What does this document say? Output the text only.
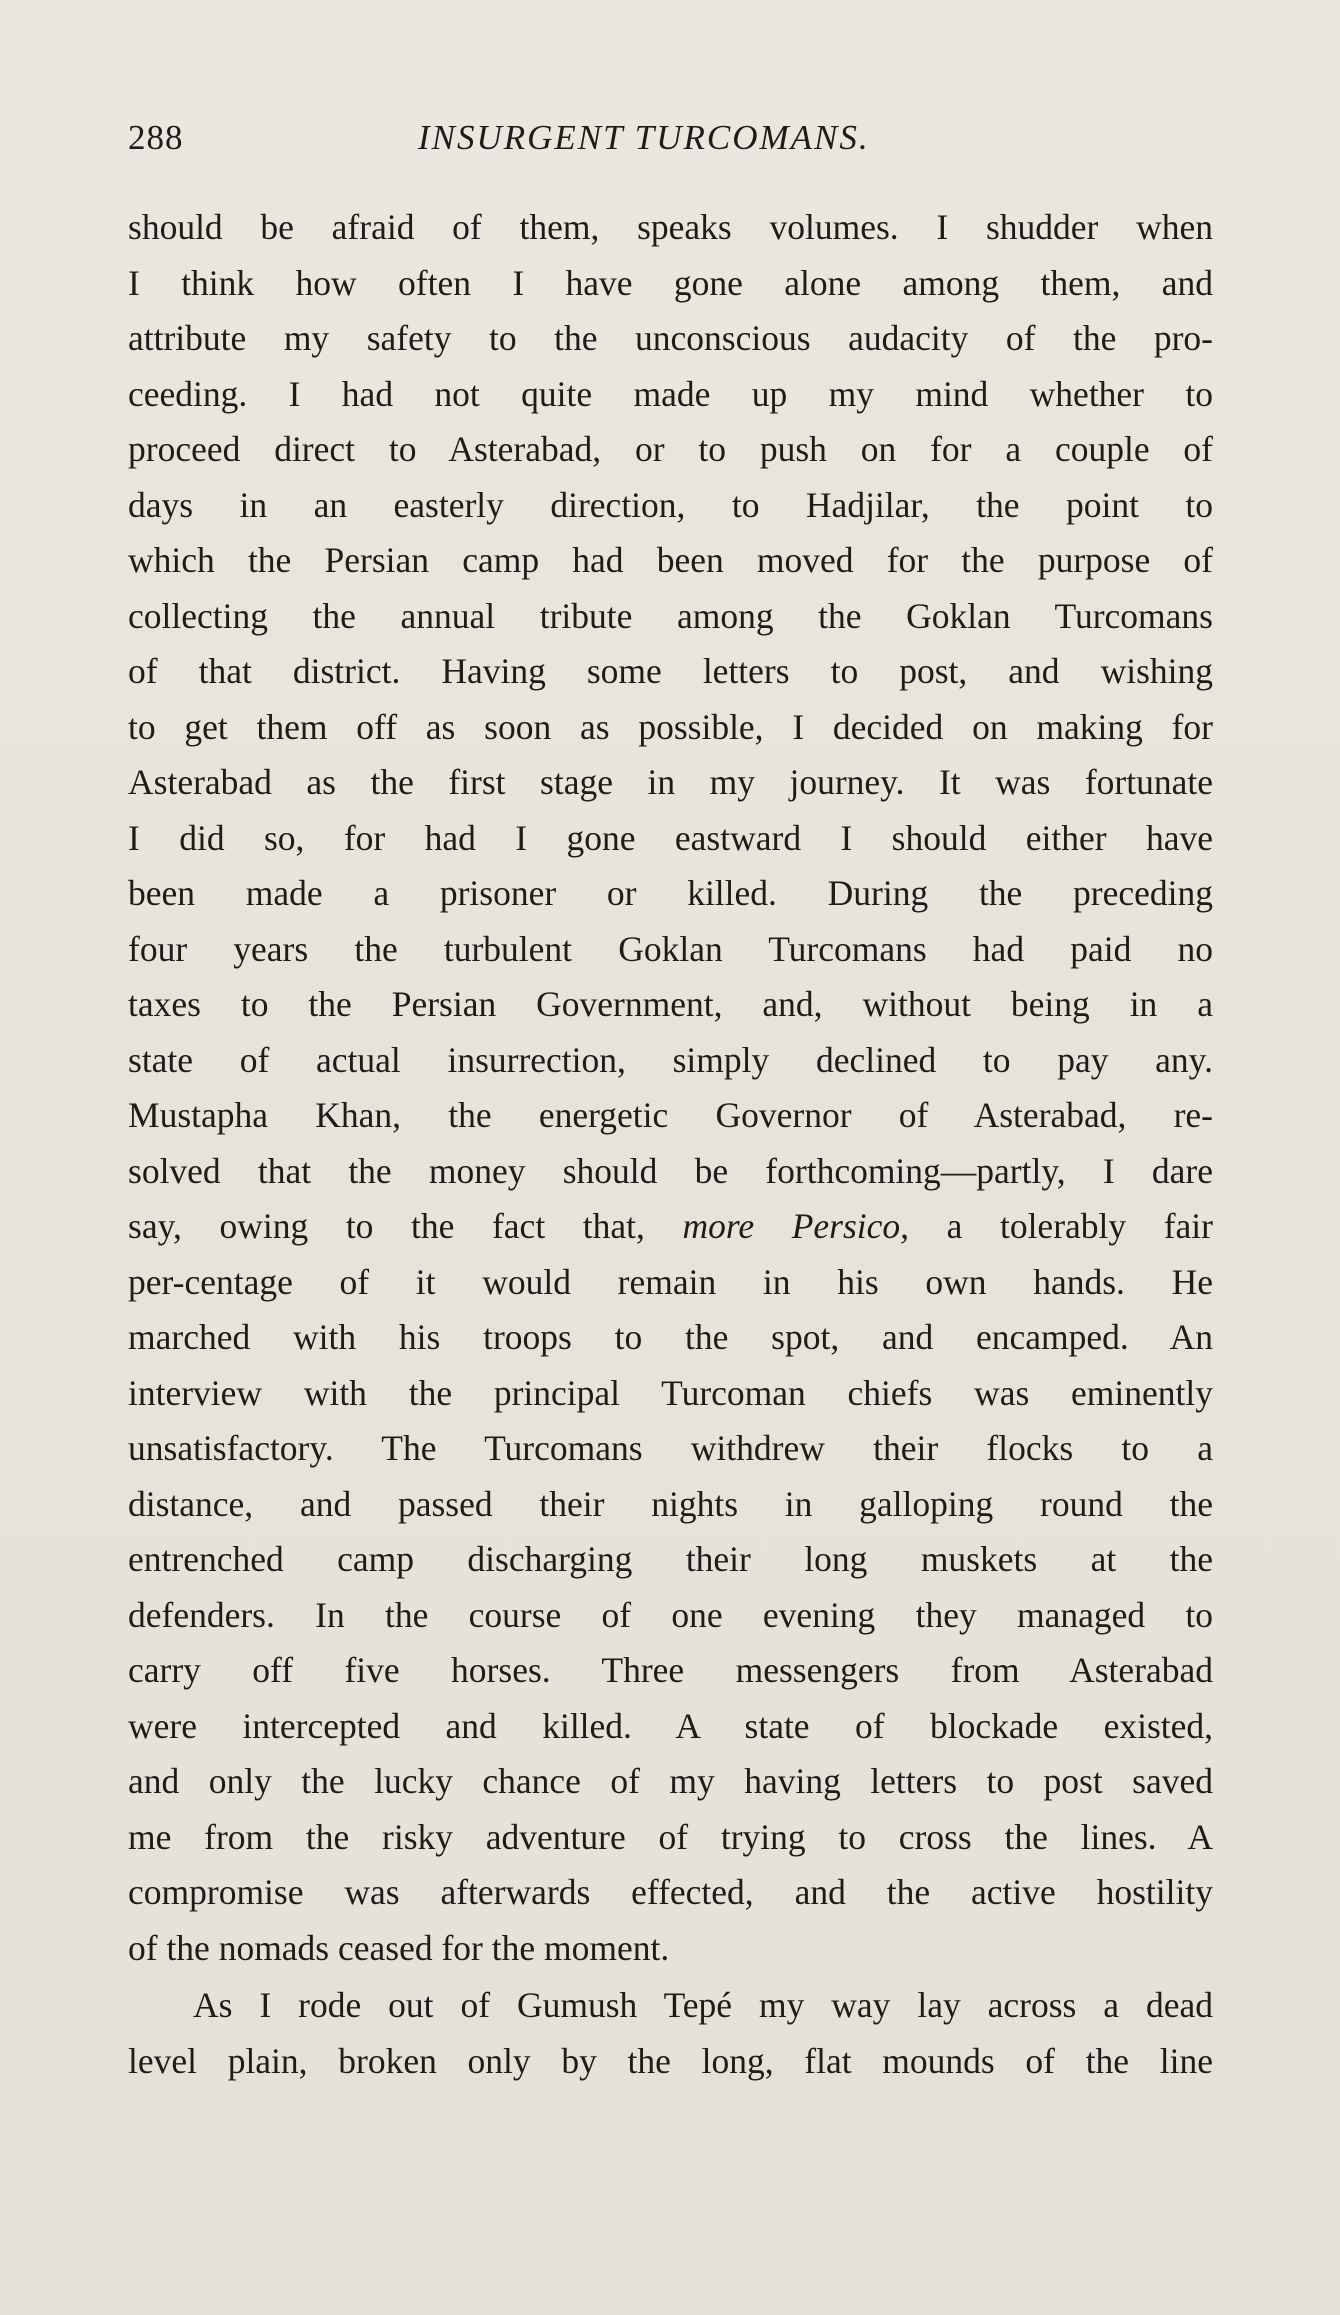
288	INSURGENT TURCOMANS.
should be afraid of them, speaks volumes. I shudder when
I think how often I have gone alone among them, and
attribute my safety to the unconscious audacity of the pro-
ceeding. I had not quite made up my mind whether to
proceed direct to Asterabad, or to push on for a couple of
days in an easterly direction, to Hadjilar, the point to
which the Persian camp had been moved for the purpose of
collecting the annual tribute among the Goklan Turcomans
of that district. Having some letters to post, and wishing
to get them off as soon as possible, I decided on making for
Asterabad as the first stage in my journey. It was fortunate
I did so, for had I gone eastward I should either have
been made a prisoner or killed. During the preceding
four years the turbulent Goklan Turcomans had paid no
taxes to the Persian Government, and, without being in a
state of actual insurrection, simply declined to pay any.
Mustapha Khan, the energetic Governor of Asterabad, re-
solved that the money should be forthcoming—partly, I dare
say, owing to the fact that, more Persico, a tolerably fair
per-centage of it would remain in his own hands. He
marched with his troops to the spot, and encamped. An
interview with the principal Turcoman chiefs was eminently
unsatisfactory. The Turcomans withdrew their flocks to a
distance, and passed their nights in galloping round the
entrenched camp discharging their long muskets at the
defenders. In the course of one evening they managed to
carry off five horses. Three messengers from Asterabad
were intercepted and killed. A state of blockade existed,
and only the lucky chance of my having letters to post saved
me from the risky adventure of trying to cross the lines. A
compromise was afterwards effected, and the active hostility
of the nomads ceased for the moment.
As I rode out of Gumush Tepé my way lay across a dead
level plain, broken only by the long, flat mounds of the line
